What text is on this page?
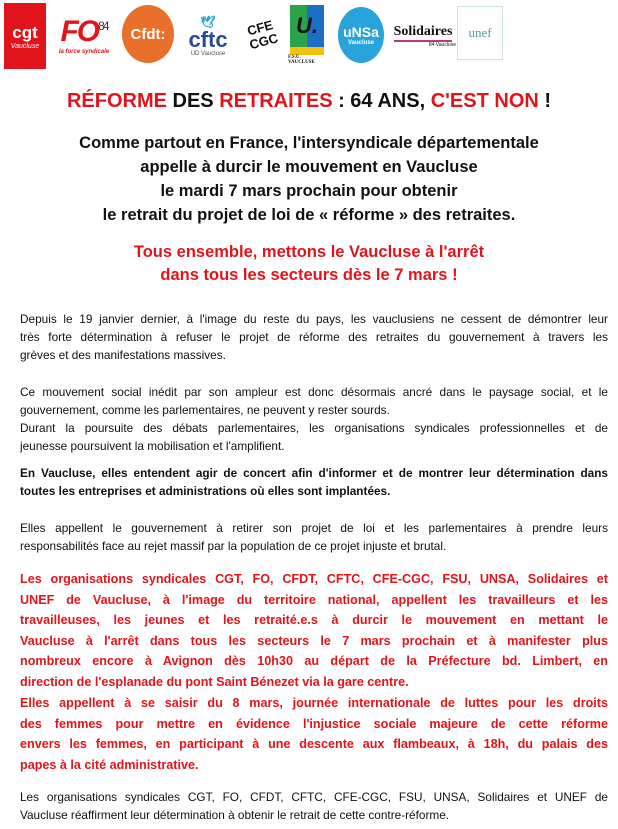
cgt
Vaucluse FO$^{84}$
la force syndicale
Cfdt:
🕊
cftc
UD Vaucluse
CFE CGC
U.
F.S.U. VAUCLUSE
uNSa
Vaucluse
Solidaires
84 Vaucluse
unef
RÉFORME DES RETRAITES : 64 ANS, C'EST NON !
Comme partout en France, l'intersyndicale départementale
appelle à durcir le mouvement en Vaucluse
le mardi 7 mars prochain pour obtenir
le retrait du projet de loi de « réforme » des retraites.
Tous ensemble, mettons le Vaucluse à l'arrêt
dans tous les secteurs dès le 7 mars !
Depuis le 19 janvier dernier, à l'image du reste du pays, les vauclusiens ne cessent de démontrer leur
très forte détermination à refuser le projet de réforme des retraites du gouvernement à travers les
grèves et des manifestations massives.
Ce mouvement social inédit par son ampleur est donc désormais ancré dans le paysage social, et le
gouvernement, comme les parlementaires, ne peuvent y rester sourds.
Durant la poursuite des débats parlementaires, les organisations syndicales professionnelles et de
jeunesse poursuivent la mobilisation et l'amplifient.
En Vaucluse, elles entendent agir de concert afin d'informer et de montrer leur détermination dans
toutes les entreprises et administrations où elles sont implantées.
Elles appellent le gouvernement à retirer son projet de loi et les parlementaires à prendre leurs
responsabilités face au rejet massif par la population de ce projet injuste et brutal.
Les organisations syndicales CGT, FO, CFDT, CFTC, CFE-CGC, FSU, UNSA, Solidaires et
UNEF de Vaucluse, à l'image du territoire national, appellent les travailleurs et les
travailleuses, les jeunes et les retraité.e.s à durcir le mouvement en mettant le
Vaucluse à l'arrêt dans tous les secteurs le 7 mars prochain et à manifester plus
nombreux encore à Avignon dès 10h30 au départ de la Préfecture bd. Limbert, en
direction de l'esplanade du pont Saint Bénezet via la gare centre.
Elles appellent à se saisir du 8 mars, journée internationale de luttes pour les droits
des femmes pour mettre en évidence l'injustice sociale majeure de cette réforme
envers les femmes, en participant à une descente aux flambeaux, à 18h, du palais des
papes à la cité administrative.
Les organisations syndicales CGT, FO, CFDT, CFTC, CFE-CGC, FSU, UNSA, Solidaires et UNEF de
Vaucluse réaffirment leur détermination à obtenir le retrait de cette contre-réforme.
